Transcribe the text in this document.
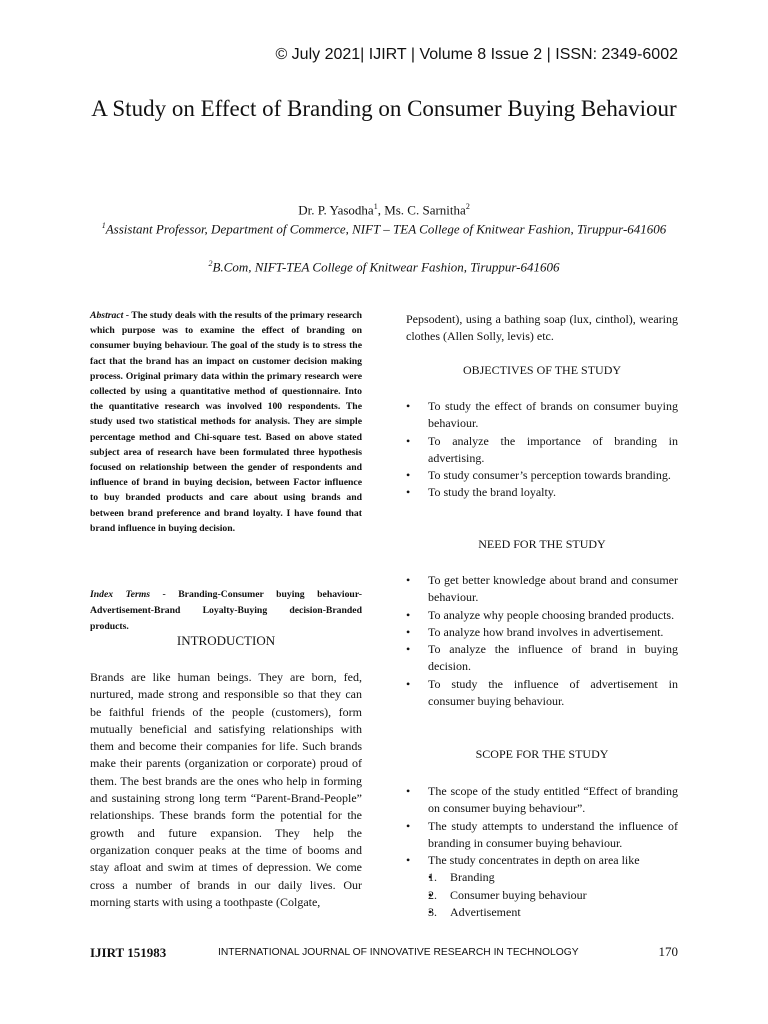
© July 2021| IJIRT | Volume 8 Issue 2 | ISSN: 2349-6002
A Study on Effect of Branding on Consumer Buying Behaviour
Dr. P. Yasodha$^1$, Ms. C. Sarnitha$^2$
$^1$Assistant Professor, Department of Commerce, NIFT – TEA College of Knitwear Fashion, Tiruppur-641606
$^2$B.Com, NIFT-TEA College of Knitwear Fashion, Tiruppur-641606
Abstract - The study deals with the results of the primary research which purpose was to examine the effect of branding on consumer buying behaviour. The goal of the study is to stress the fact that the brand has an impact on customer decision making process. Original primary data within the primary research were collected by using a quantitative method of questionnaire. Into the quantitative research was involved 100 respondents. The study used two statistical methods for analysis. They are simple percentage method and Chi-square test. Based on above stated subject area of research have been formulated three hypothesis focused on relationship between the gender of respondents and influence of brand in buying decision, between Factor influence to buy branded products and care about using brands and between brand preference and brand loyalty. I have found that brand influence in buying decision.
Index Terms - Branding-Consumer buying behaviour-Advertisement-Brand Loyalty-Buying decision-Branded products.
INTRODUCTION
Brands are like human beings. They are born, fed, nurtured, made strong and responsible so that they can be faithful friends of the people (customers), form mutually beneficial and satisfying relationships with them and become their companies for life. Such brands make their parents (organization or corporate) proud of them. The best brands are the ones who help in forming and sustaining strong long term “Parent-Brand-People” relationships. These brands form the potential for the growth and future expansion. They help the organization conquer peaks at the time of booms and stay afloat and swim at times of depression. We come cross a number of brands in our daily lives. Our morning starts with using a toothpaste (Colgate,
Pepsodent), using a bathing soap (lux, cinthol), wearing clothes (Allen Solly, levis) etc.
OBJECTIVES OF THE STUDY
• To study the effect of brands on consumer buying behaviour.
• To analyze the importance of branding in advertising.
• To study consumer’s perception towards branding.
• To study the brand loyalty.
NEED FOR THE STUDY
• To get better knowledge about brand and consumer behaviour.
• To analyze why people choosing branded products.
• To analyze how brand involves in advertisement.
• To analyze the influence of brand in buying decision.
• To study the influence of advertisement in consumer buying behaviour.
SCOPE FOR THE STUDY
• The scope of the study entitled “Effect of branding on consumer buying behaviour”.
• The study attempts to understand the influence of branding in consumer buying behaviour.
• The study concentrates in depth on area like
• 1. Branding
• 2. Consumer buying behaviour
• 3. Advertisement
IJIRT 151983	INTERNATIONAL JOURNAL OF INNOVATIVE RESEARCH IN TECHNOLOGY	170
